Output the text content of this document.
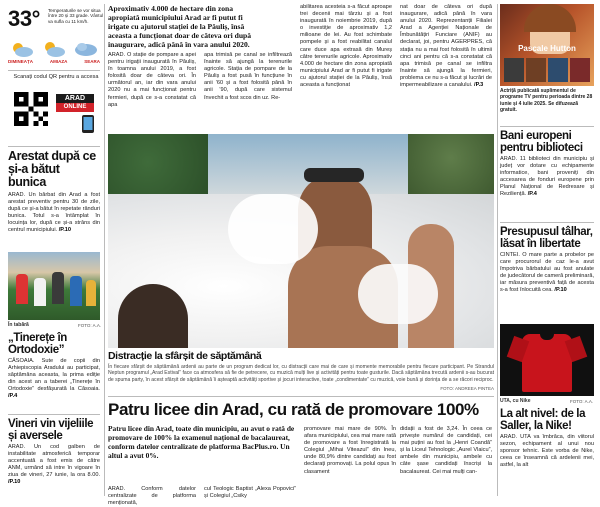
33° Temperaturile se vor situa între 20 și 33 grade. Vântul va sufla cu 11 km/h.
DIMINEAȚA	AMIAZA	SEARA
Scanați codul QR pentru a accesa
ARAD
ONLINE
Arestat după ce și-a bătut bunica
ARAD. Un bărbat din Arad a fost arestat preventiv pentru 30 de zile, după ce și-a bătut în repetate rânduri bunica. Totul s-a întâmplat în locuința lor, după ce și-a strâns din centrul municipiului. /P.10
În tabără	FOTO: A.A.
„Tinerețe în Ortodoxie”
CĂSOAIA. Sute de copii din Arhiepiscopia Aradului au participat, săptămâna aceasta, la prima ediție din acest an a taberei „Tinerețe în Ortodoxie” desfășurată la Căsoaia. /P.4
Vineri vin vijeliile și aversele
ARAD. Un cod galben de instabilitate atmosferică temporar accentuată a fost emis de către ANM, urmând să intre în vigoare în ziua de vineri, 27 iunie, la ora 8.00. /P.10
Aproximativ 4.000 de hectare din zona apropiată municipiului Arad ar fi putut fi irigate cu ajutorul stației de la Păuliș, însă aceasta a funcționat doar de câteva ori după inaugurare, adică până în vara anului 2020.
ARAD. O stație de pompare a apei pentru irigații inaugurată în Păuliș, în toamna anului 2019, a fost folosită doar de câteva ori. În următorul an, iar din vara anului 2020 nu a mai funcționat pentru fermieri, după ce s-a constatat că apa
apa trimisă pe canal se infiltrează înainte să ajungă la terenurile agricole. Stația de pompare de la Păuliș a fost pusă în funcțiune în anii ’60 și a fost folosită până în anii ’90, după care sistemul învechit a fost scos din uz. Re-
abilitarea acesteia s-a făcut aproape trei decenii mai târziu și a fost inaugurată în noiembrie 2019, după o investiție de aproximativ 1,2 milioane de lei. Au fost schimbate pompele și a fost reabilitat canalul care duce apa extrasă din Mureș către terenurile agricole. Aproximativ 4.000 de hectare din zona apropiată municipiului Arad ar fi putut fi irigate cu ajutorul stației de la Păuliș, însă aceasta a funcționat
nat doar de câteva ori după inaugurare, adică până în vara anului 2020. Reprezentanții Filialei Arad a Agenției Naționale de Îmbunătățiri Funciare (ANIF) au declarat, joi, pentru AGERPRES, că stația nu a mai fost folosită în ultimii cinci ani pentru că s-a constatat că apa trimisă pe canal se infiltra înainte să ajungă la fermieri, problema ce nu s-a făcut și lucrări de impermeabilizare a canalului. /P.3
Distracție la sfârșit de săptămână
În fiecare sfârșit de săptămână ardenii au parte de un program dedicat lor, cu distracții care mai de care și momente memorabile pentru fiecare participant. Pe Strandul Neptun programul „Arad Estival” face ca atmosfera să fie de petrecere, cu muzică mulți live și activități pentru toate gusturile. Dacă săptămâna trecută ardenii s-au bucurat de spuma party, în acest sfârșit de săptămână îi așteaptă activități sportive și jocuri interactive, toate „condimentate” cu muzică, voie bună și dorința de a se răcori reciproc.
FOTO: ANDREEA PINTEA
Patru licee din Arad, cu rată de promovare 100%
Patru licee din Arad, toate din municipiu, au avut o rată de promovare de 100% la examenul național de bacalaureat, conform datelor centralizate de platforma BacPlus.ro. Un altul a avut 0%.
ARAD. Conform datelor centralizate de platforma menționată,
cul Teologic Baptist „Alexa Popovici” și Colegiul „Csiky
promovare mai mare de 90%. În afara municipiului, cea mai mare rată de promovare a fost înregistrată la Colegiul „Mihai Viteazul” din Ineu, unde 80,9% dintre candidați au fost declarați promovați. La polul opus în clasament
didații a fost de 3,24. În ceea ce privește numărul de candidați, cei mai puțini au fost la „Henri Coandă” și la Liceul Tehnologic „Aurel Vlaicu”, ambele din municipiu, ambele cu câte șase candidați înscriși la bacalaureat. Cei mai mulți can-
Pascale Hutton
Actriță publicată suplimentul de programe TV pentru perioada dintre 28 iunie și 4 iulie 2025. Se difuzează gratuit.
Bani europeni pentru biblioteci
ARAD. 11 biblioteci din municipiu și județ vor dotare cu echipamente informatice, bani proveniți din accesarea de fonduri europene prin Planul Național de Redresare și Reziliență. /P.4
Presupusul tâlhar, lăsat în libertate
CINTEI. O mare parte a probelor pe care procurorul de caz le-a avut împotriva bărbatului au fost anulate de judecătorul de cameră preliminară, iar măsura preventivă față de acesta s-a fost înlocuită cea. /P.10
UTA, cu Nike	FOTO: A.A.
La alt nivel: de la Saller, la Nike!
ARAD. UTA va îmbrăca, din viitorul sezon, echipament al unui nou sponsor tehnic. Este vorba de Nike, ceea ce înseamnă că ardelenii mei, astfel, la alt
